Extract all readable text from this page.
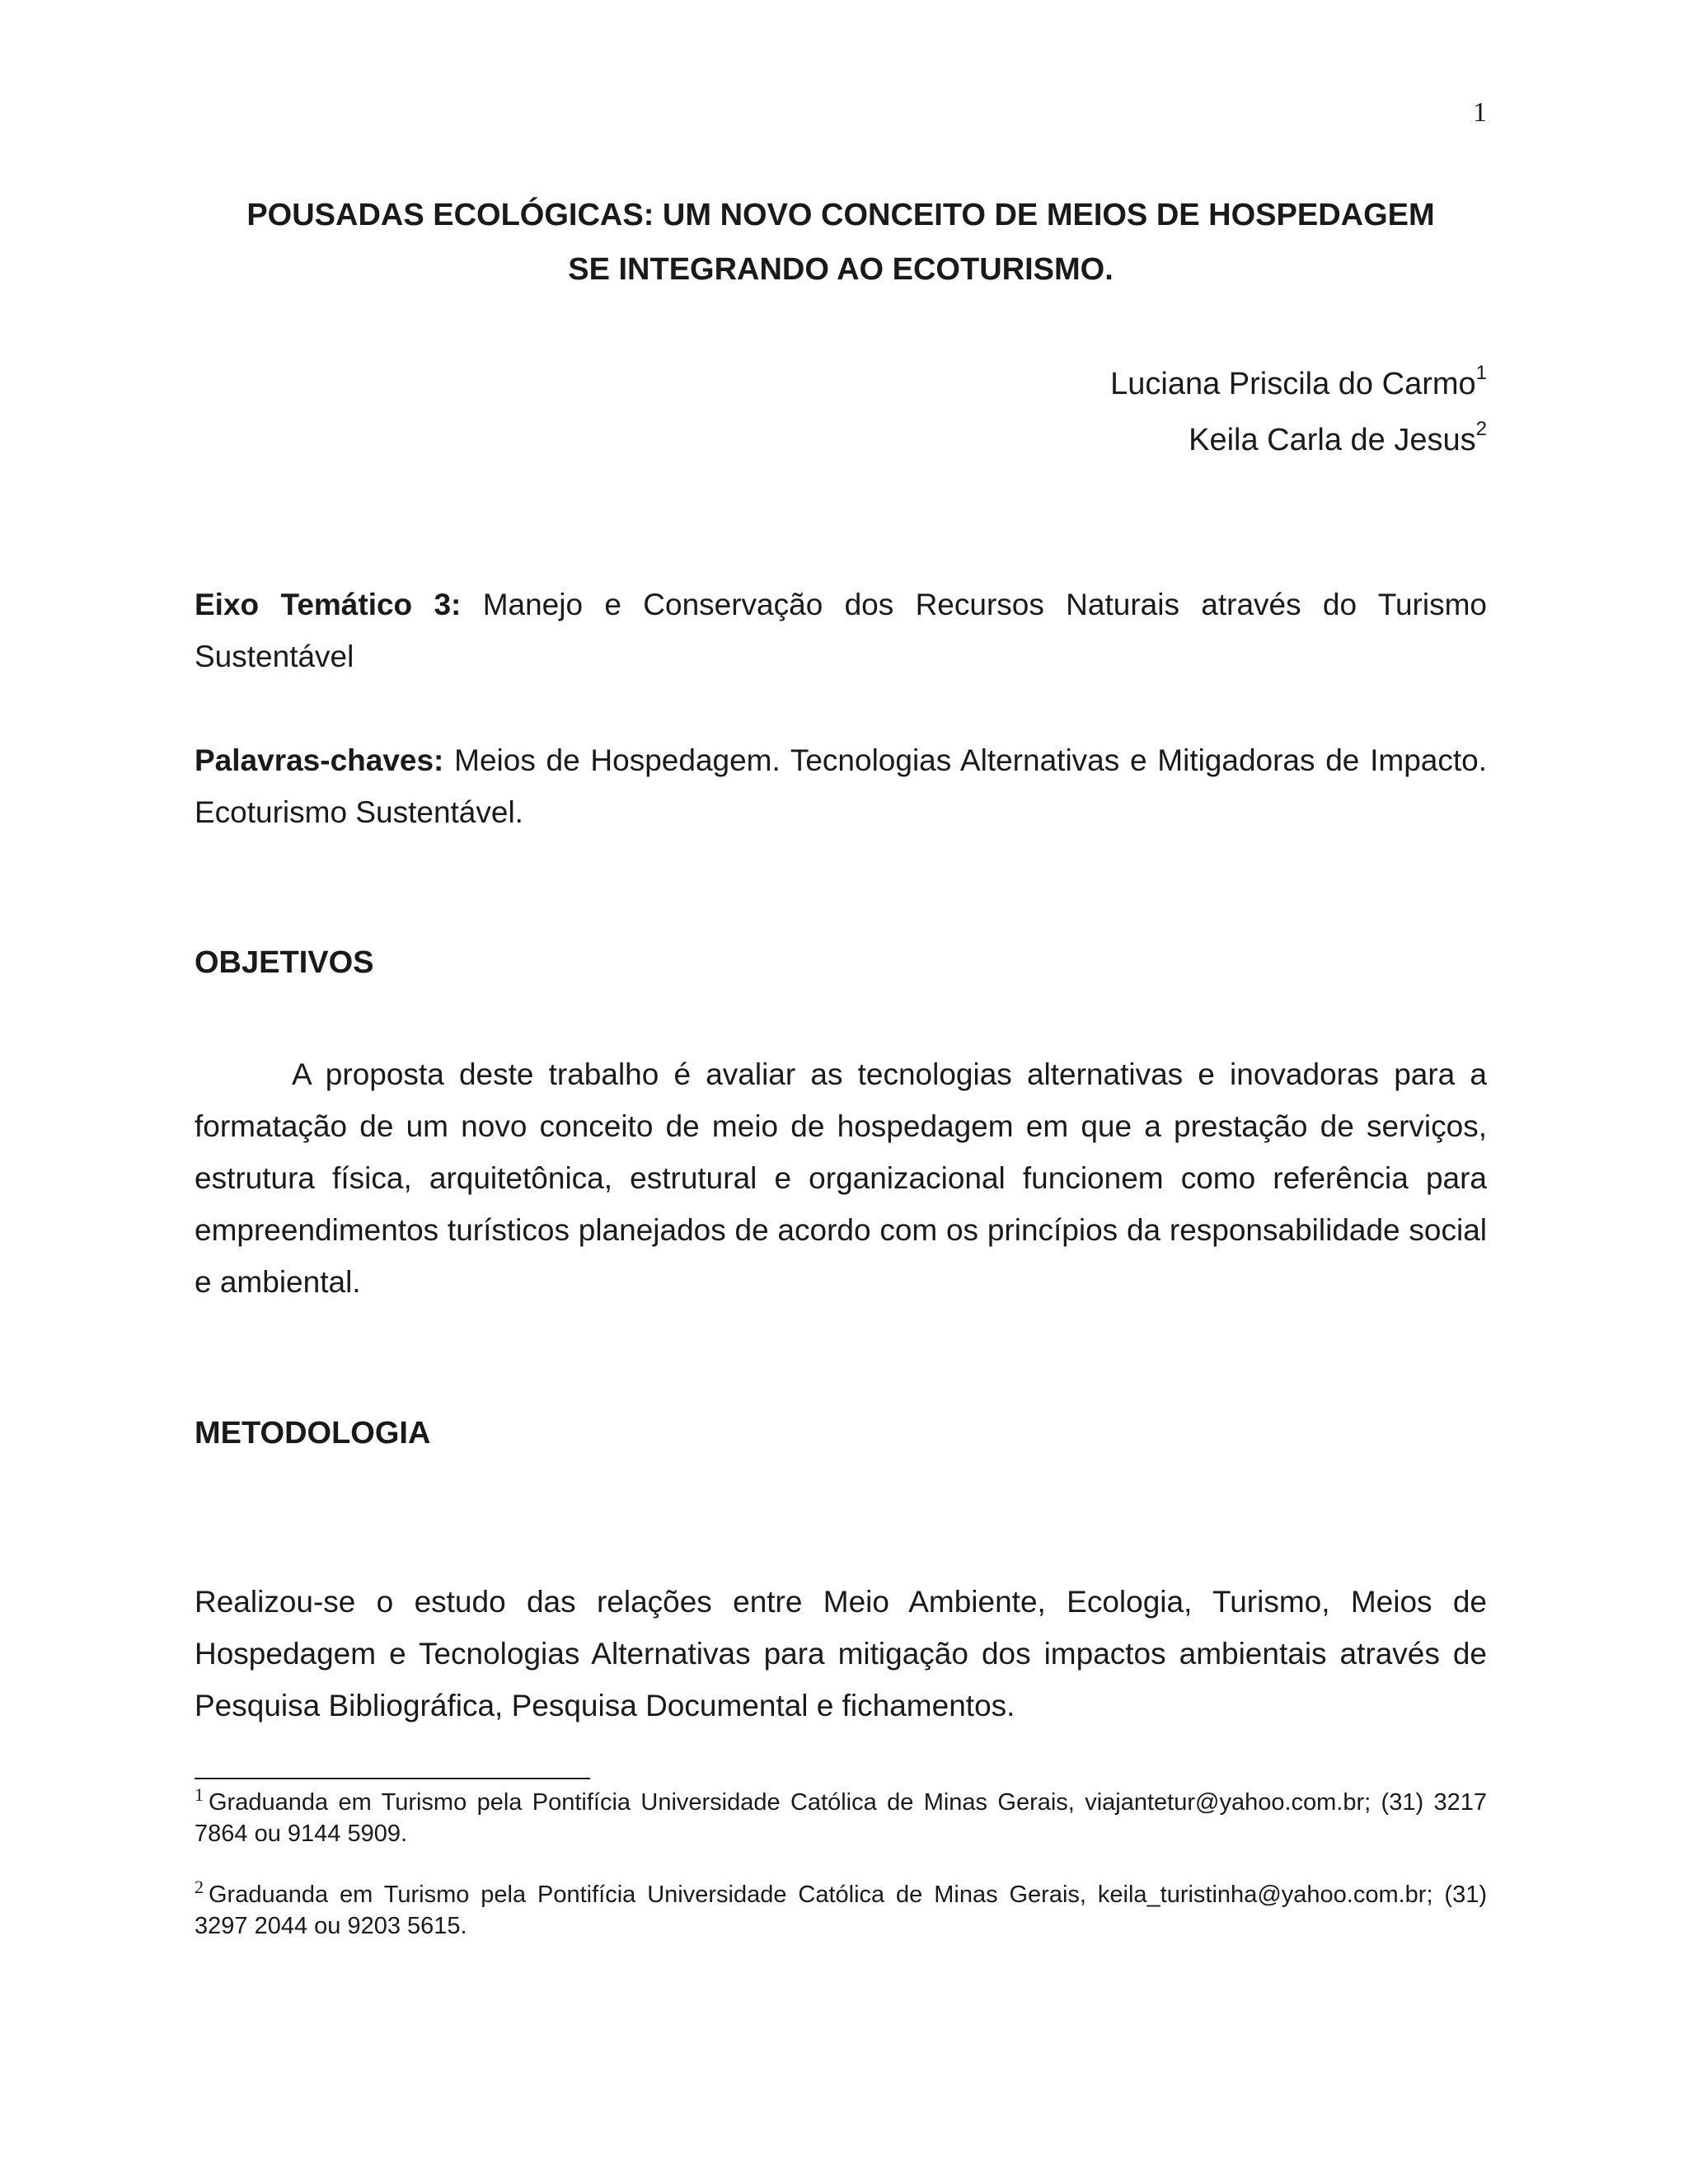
1
POUSADAS ECOLÓGICAS: UM NOVO CONCEITO DE MEIOS DE HOSPEDAGEM
SE INTEGRANDO AO ECOTURISMO.
Luciana Priscila do Carmo$^1$
Keila Carla de Jesus$^2$

Eixo Temático 3: Manejo e Conservação dos Recursos Naturais através do Turismo Sustentável

Palavras-chaves: Meios de Hospedagem. Tecnologias Alternativas e Mitigadoras de Impacto. Ecoturismo Sustentável.

OBJETIVOS

A proposta deste trabalho é avaliar as tecnologias alternativas e inovadoras para a formatação de um novo conceito de meio de hospedagem em que a prestação de serviços, estrutura física, arquitetônica, estrutural e organizacional funcionem como referência para empreendimentos turísticos planejados de acordo com os princípios da responsabilidade social e ambiental.

METODOLOGIA

Realizou-se o estudo das relações entre Meio Ambiente, Ecologia, Turismo, Meios de Hospedagem e Tecnologias Alternativas para mitigação dos impactos ambientais através de Pesquisa Bibliográfica, Pesquisa Documental e fichamentos.

$^1$ Graduanda em Turismo pela Pontifícia Universidade Católica de Minas Gerais, viajantetur@yahoo.com.br; (31) 3217 7864 ou 9144 5909.

$^2$ Graduanda em Turismo pela Pontifícia Universidade Católica de Minas Gerais, keila_turistinha@yahoo.com.br; (31) 3297 2044 ou 9203 5615.
